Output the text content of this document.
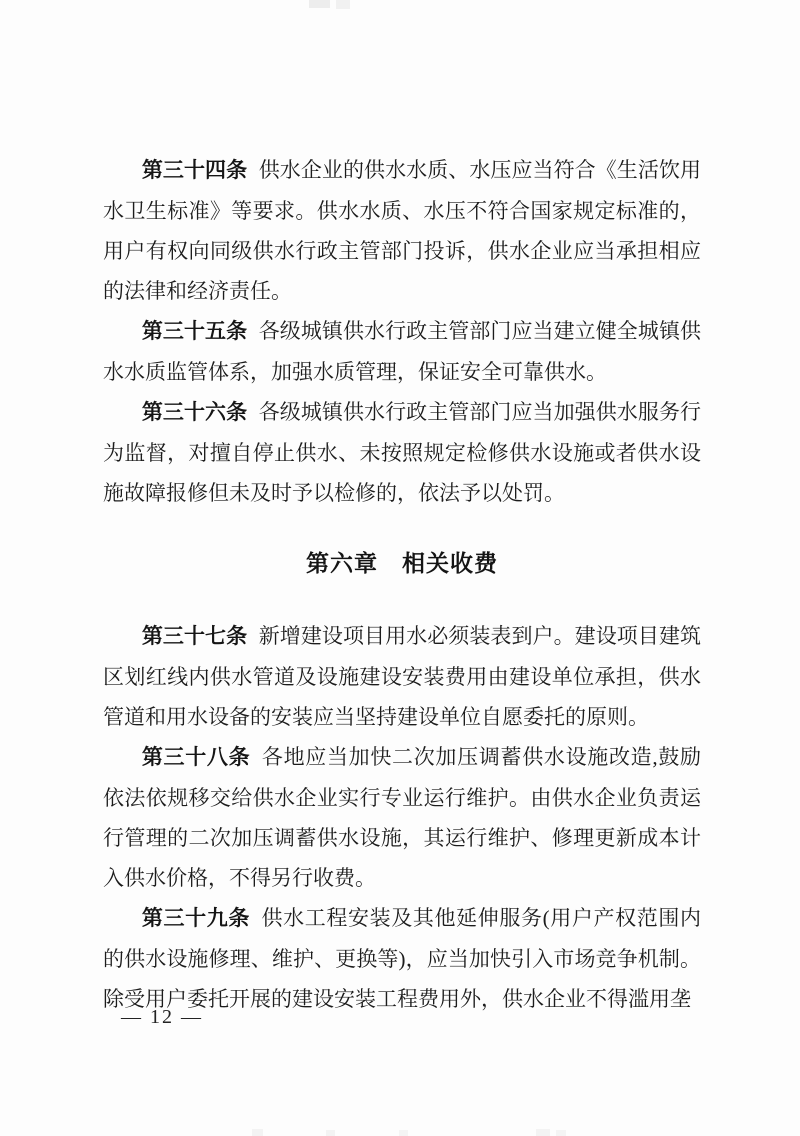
第三十四条 供水企业的供水水质、水压应当符合《生活饮用水卫生标准》等要求。供水水质、水压不符合国家规定标准的，用户有权向同级供水行政主管部门投诉，供水企业应当承担相应的法律和经济责任。

第三十五条 各级城镇供水行政主管部门应当建立健全城镇供水水质监管体系，加强水质管理，保证安全可靠供水。

第三十六条 各级城镇供水行政主管部门应当加强供水服务行为监督，对擅自停止供水、未按照规定检修供水设施或者供水设施故障报修但未及时予以检修的，依法予以处罚。

第六章　相关收费

第三十七条 新增建设项目用水必须装表到户。建设项目建筑区划红线内供水管道及设施建设安装费用由建设单位承担，供水管道和用水设备的安装应当坚持建设单位自愿委托的原则。

第三十八条 各地应当加快二次加压调蓄供水设施改造,鼓励依法依规移交给供水企业实行专业运行维护。由供水企业负责运行管理的二次加压调蓄供水设施，其运行维护、修理更新成本计入供水价格，不得另行收费。

第三十九条 供水工程安装及其他延伸服务(用户产权范围内的供水设施修理、维护、更换等)，应当加快引入市场竞争机制。除受用户委托开展的建设安装工程费用外，供水企业不得滥用垄

— 12 —
